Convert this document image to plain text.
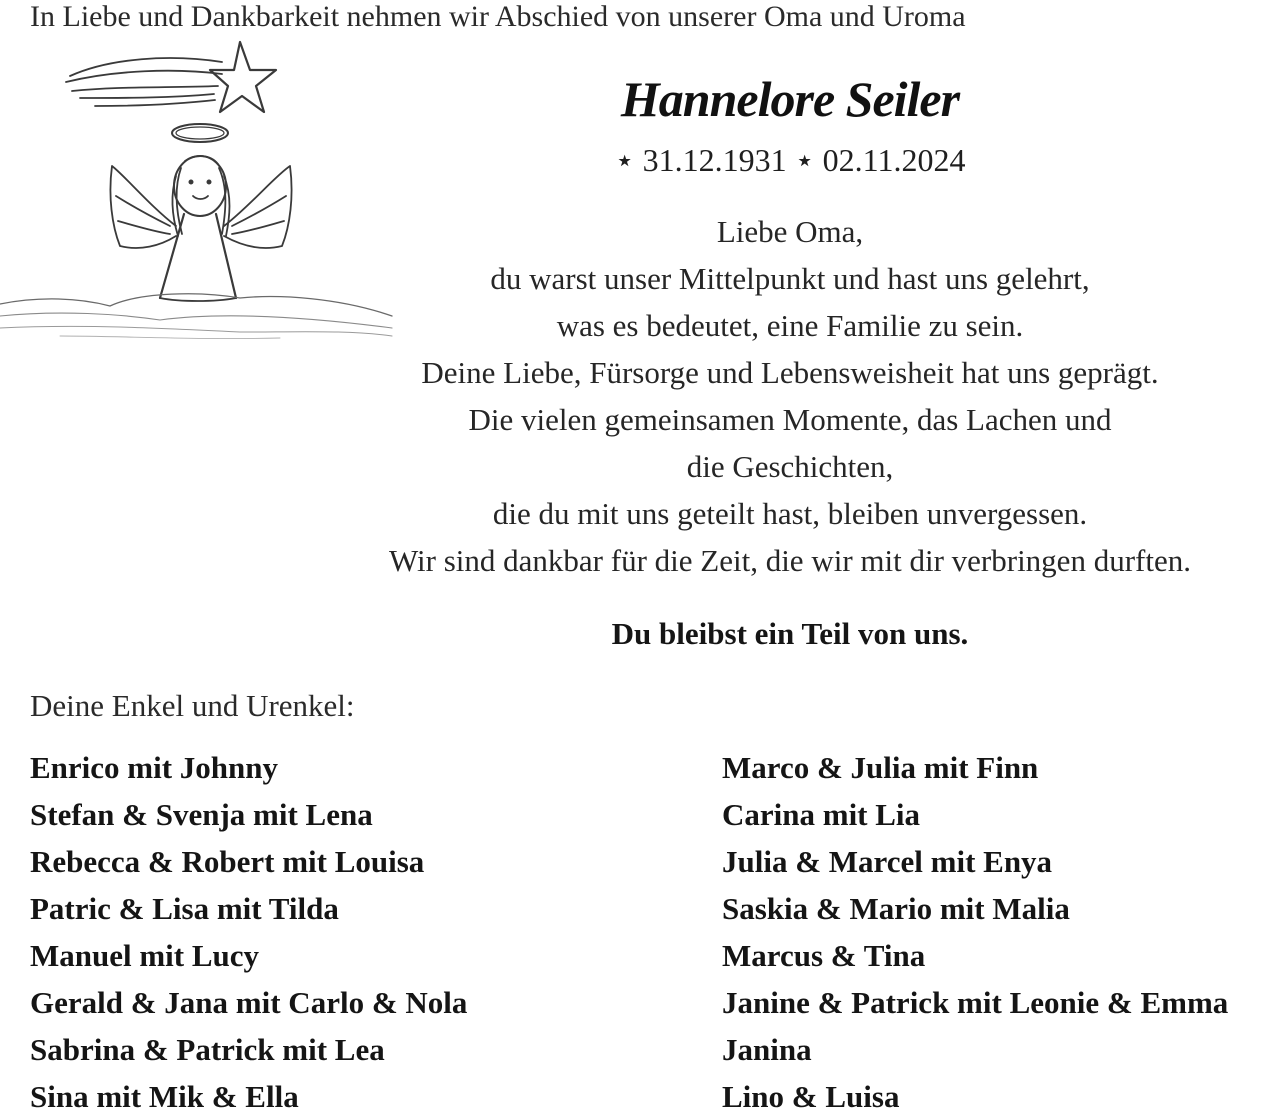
In Liebe und Dankbarkeit nehmen wir Abschied von unserer Oma und Uroma
Hannelore Seiler
⋆ 31.12.1931 ⋆ 02.11.2024
Liebe Oma,
du warst unser Mittelpunkt und hast uns gelehrt,
was es bedeutet, eine Familie zu sein.
Deine Liebe, Fürsorge und Lebensweisheit hat uns geprägt.
Die vielen gemeinsamen Momente, das Lachen und
die Geschichten,
die du mit uns geteilt hast, bleiben unvergessen.
Wir sind dankbar für die Zeit, die wir mit dir verbringen durften.
Du bleibst ein Teil von uns.
Deine Enkel und Urenkel:
Enrico mit Johnny
Stefan & Svenja mit Lena
Rebecca & Robert mit Louisa
Patric & Lisa mit Tilda
Manuel mit Lucy
Gerald & Jana mit Carlo & Nola
Sabrina & Patrick mit Lea
Sina mit Mik & Ella
Marco & Julia mit Finn
Carina mit Lia
Julia & Marcel mit Enya
Saskia & Mario mit Malia
Marcus & Tina
Janine & Patrick mit Leonie & Emma
Janina
Lino & Luisa
